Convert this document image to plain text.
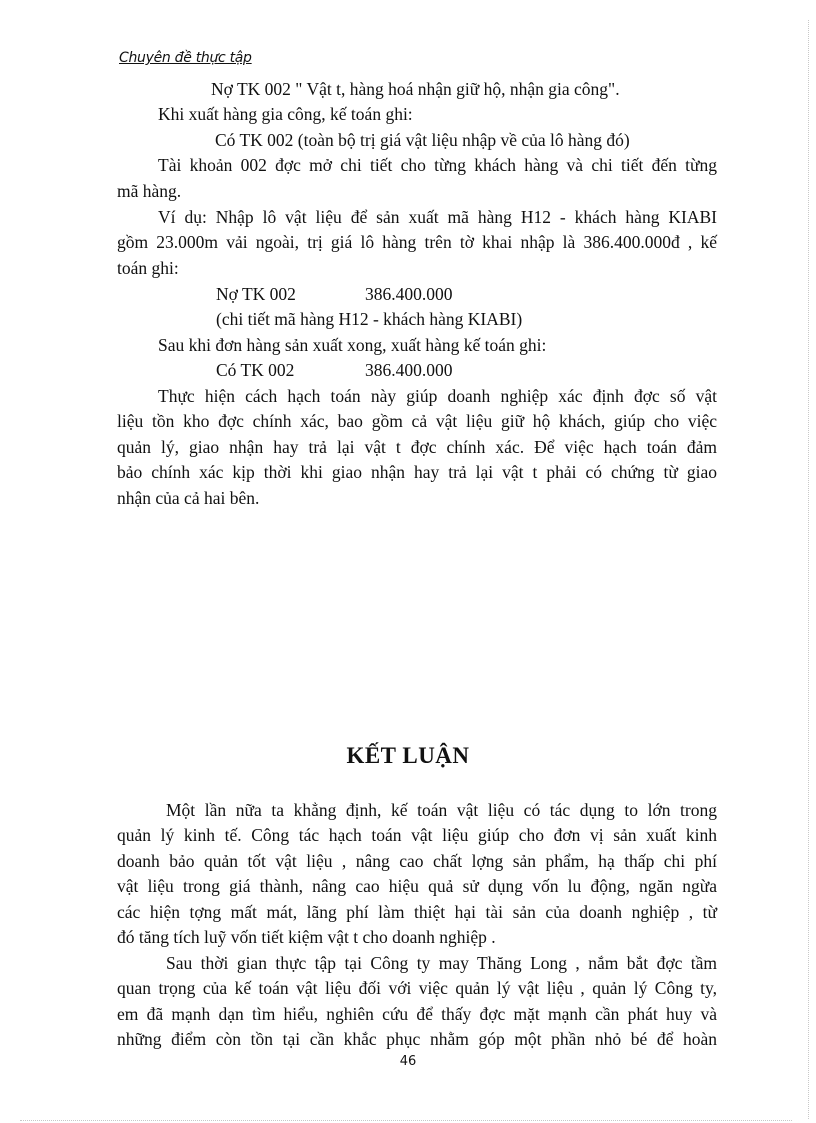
Chuyên đề thực tập
Nợ TK 002 " Vật t, hàng hoá nhận giữ hộ, nhận gia công".
Khi xuất hàng gia công, kế toán ghi:
Có TK 002 (toàn bộ trị giá vật liệu nhập về của lô hàng đó)
Tài khoản 002 đợc mở chi tiết cho từng khách hàng và chi tiết đến từng
mã hàng.
Ví dụ: Nhập lô vật liệu để sản xuất mã hàng H12 - khách hàng KIABI
gồm 23.000m vải ngoài, trị giá lô hàng trên tờ khai nhập là 386.400.000đ , kế
toán ghi:
Nợ TK 002	386.400.000
(chi tiết mã hàng H12 - khách hàng KIABI)
Sau khi đơn hàng sản xuất xong, xuất hàng kế toán ghi:
Có TK 002	386.400.000
Thực hiện cách hạch toán này giúp doanh nghiệp xác định đợc số vật
liệu tồn kho đợc chính xác, bao gồm cả vật liệu giữ hộ khách, giúp cho việc
quản lý, giao nhận hay trả lại vật t đợc chính xác. Để việc hạch toán đảm
bảo chính xác kịp thời khi giao nhận hay trả lại vật t phải có chứng từ giao
nhận của cả hai bên.
KẾT LUẬN
Một lần nữa ta khẳng định, kế toán vật liệu có tác dụng to lớn trong
quản lý kinh tế. Công tác hạch toán vật liệu giúp cho đơn vị sản xuất kinh
doanh bảo quản tốt vật liệu , nâng cao chất lợng sản phẩm, hạ thấp chi phí
vật liệu trong giá thành, nâng cao hiệu quả sử dụng vốn lu động, ngăn ngừa
các hiện tợng mất mát, lãng phí làm thiệt hại tài sản của doanh nghiệp , từ
đó tăng tích luỹ vốn tiết kiệm vật t cho doanh nghiệp .
Sau thời gian thực tập tại Công ty may Thăng Long , nắm bắt đợc tầm
quan trọng của kế toán vật liệu đối với việc quản lý vật liệu , quản lý Công ty,
em đã mạnh dạn tìm hiểu, nghiên cứu để thấy đợc mặt mạnh cần phát huy và
những điểm còn tồn tại cần khắc phục nhằm góp một phần nhỏ bé để hoàn
46
